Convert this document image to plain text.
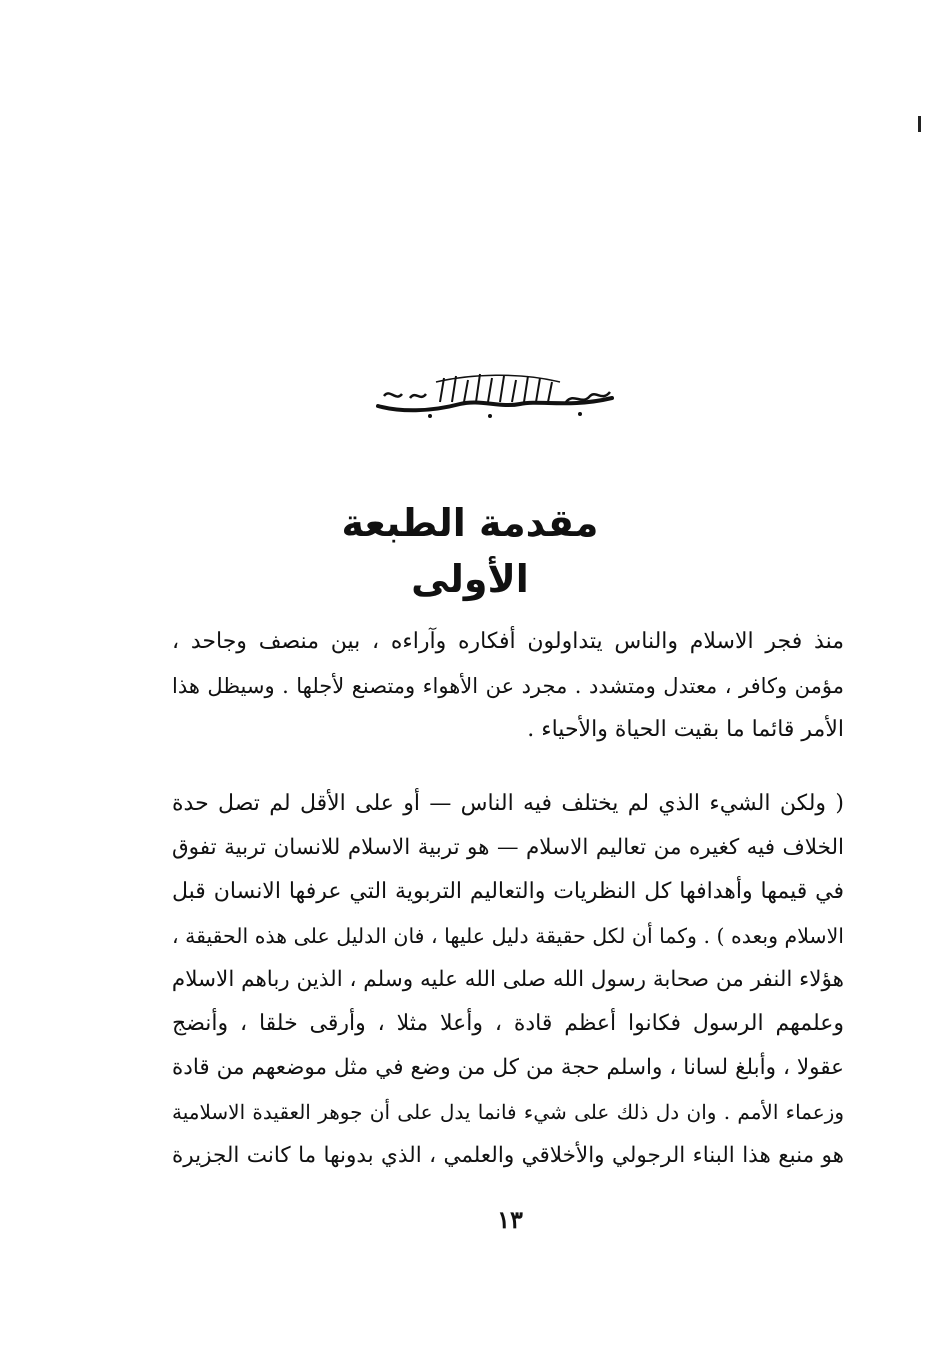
مقدمة الطبعة الأولى
منذ فجر الاسلام والناس يتداولون أفكاره وآراءه ، بين منصف وجاحد ،
مؤمن وكافر ، معتدل ومتشدد . مجرد عن الأهواء ومتصنع لأجلها . وسيظل هذا
الأمر قائما ما بقيت الحياة والأحياء .
( ولكن الشيء الذي لم يختلف فيه الناس — أو على الأقل لم تصل حدة
الخلاف فيه كغيره من تعاليم الاسلام — هو تربية الاسلام للانسان تربية تفوق
في قيمها وأهدافها كل النظريات والتعاليم التربوية التي عرفها الانسان قبل
الاسلام وبعده ) . وكما أن لكل حقيقة دليل عليها ، فان الدليل على هذه الحقيقة ،
هؤلاء النفر من صحابة رسول الله صلى الله عليه وسلم ، الذين رباهم الاسلام
وعلمهم الرسول فكانوا أعظم قادة ، وأعلا مثلا ، وأرقى خلقا ، وأنضج
عقولا ، وأبلغ لسانا ، واسلم حجة من كل من وضع في مثل موضعهم من قادة
وزعماء الأمم . وان دل ذلك على شيء فانما يدل على أن جوهر العقيدة الاسلامية
هو منبع هذا البناء الرجولي والأخلاقي والعلمي ، الذي بدونها ما كانت الجزيرة
١٣
